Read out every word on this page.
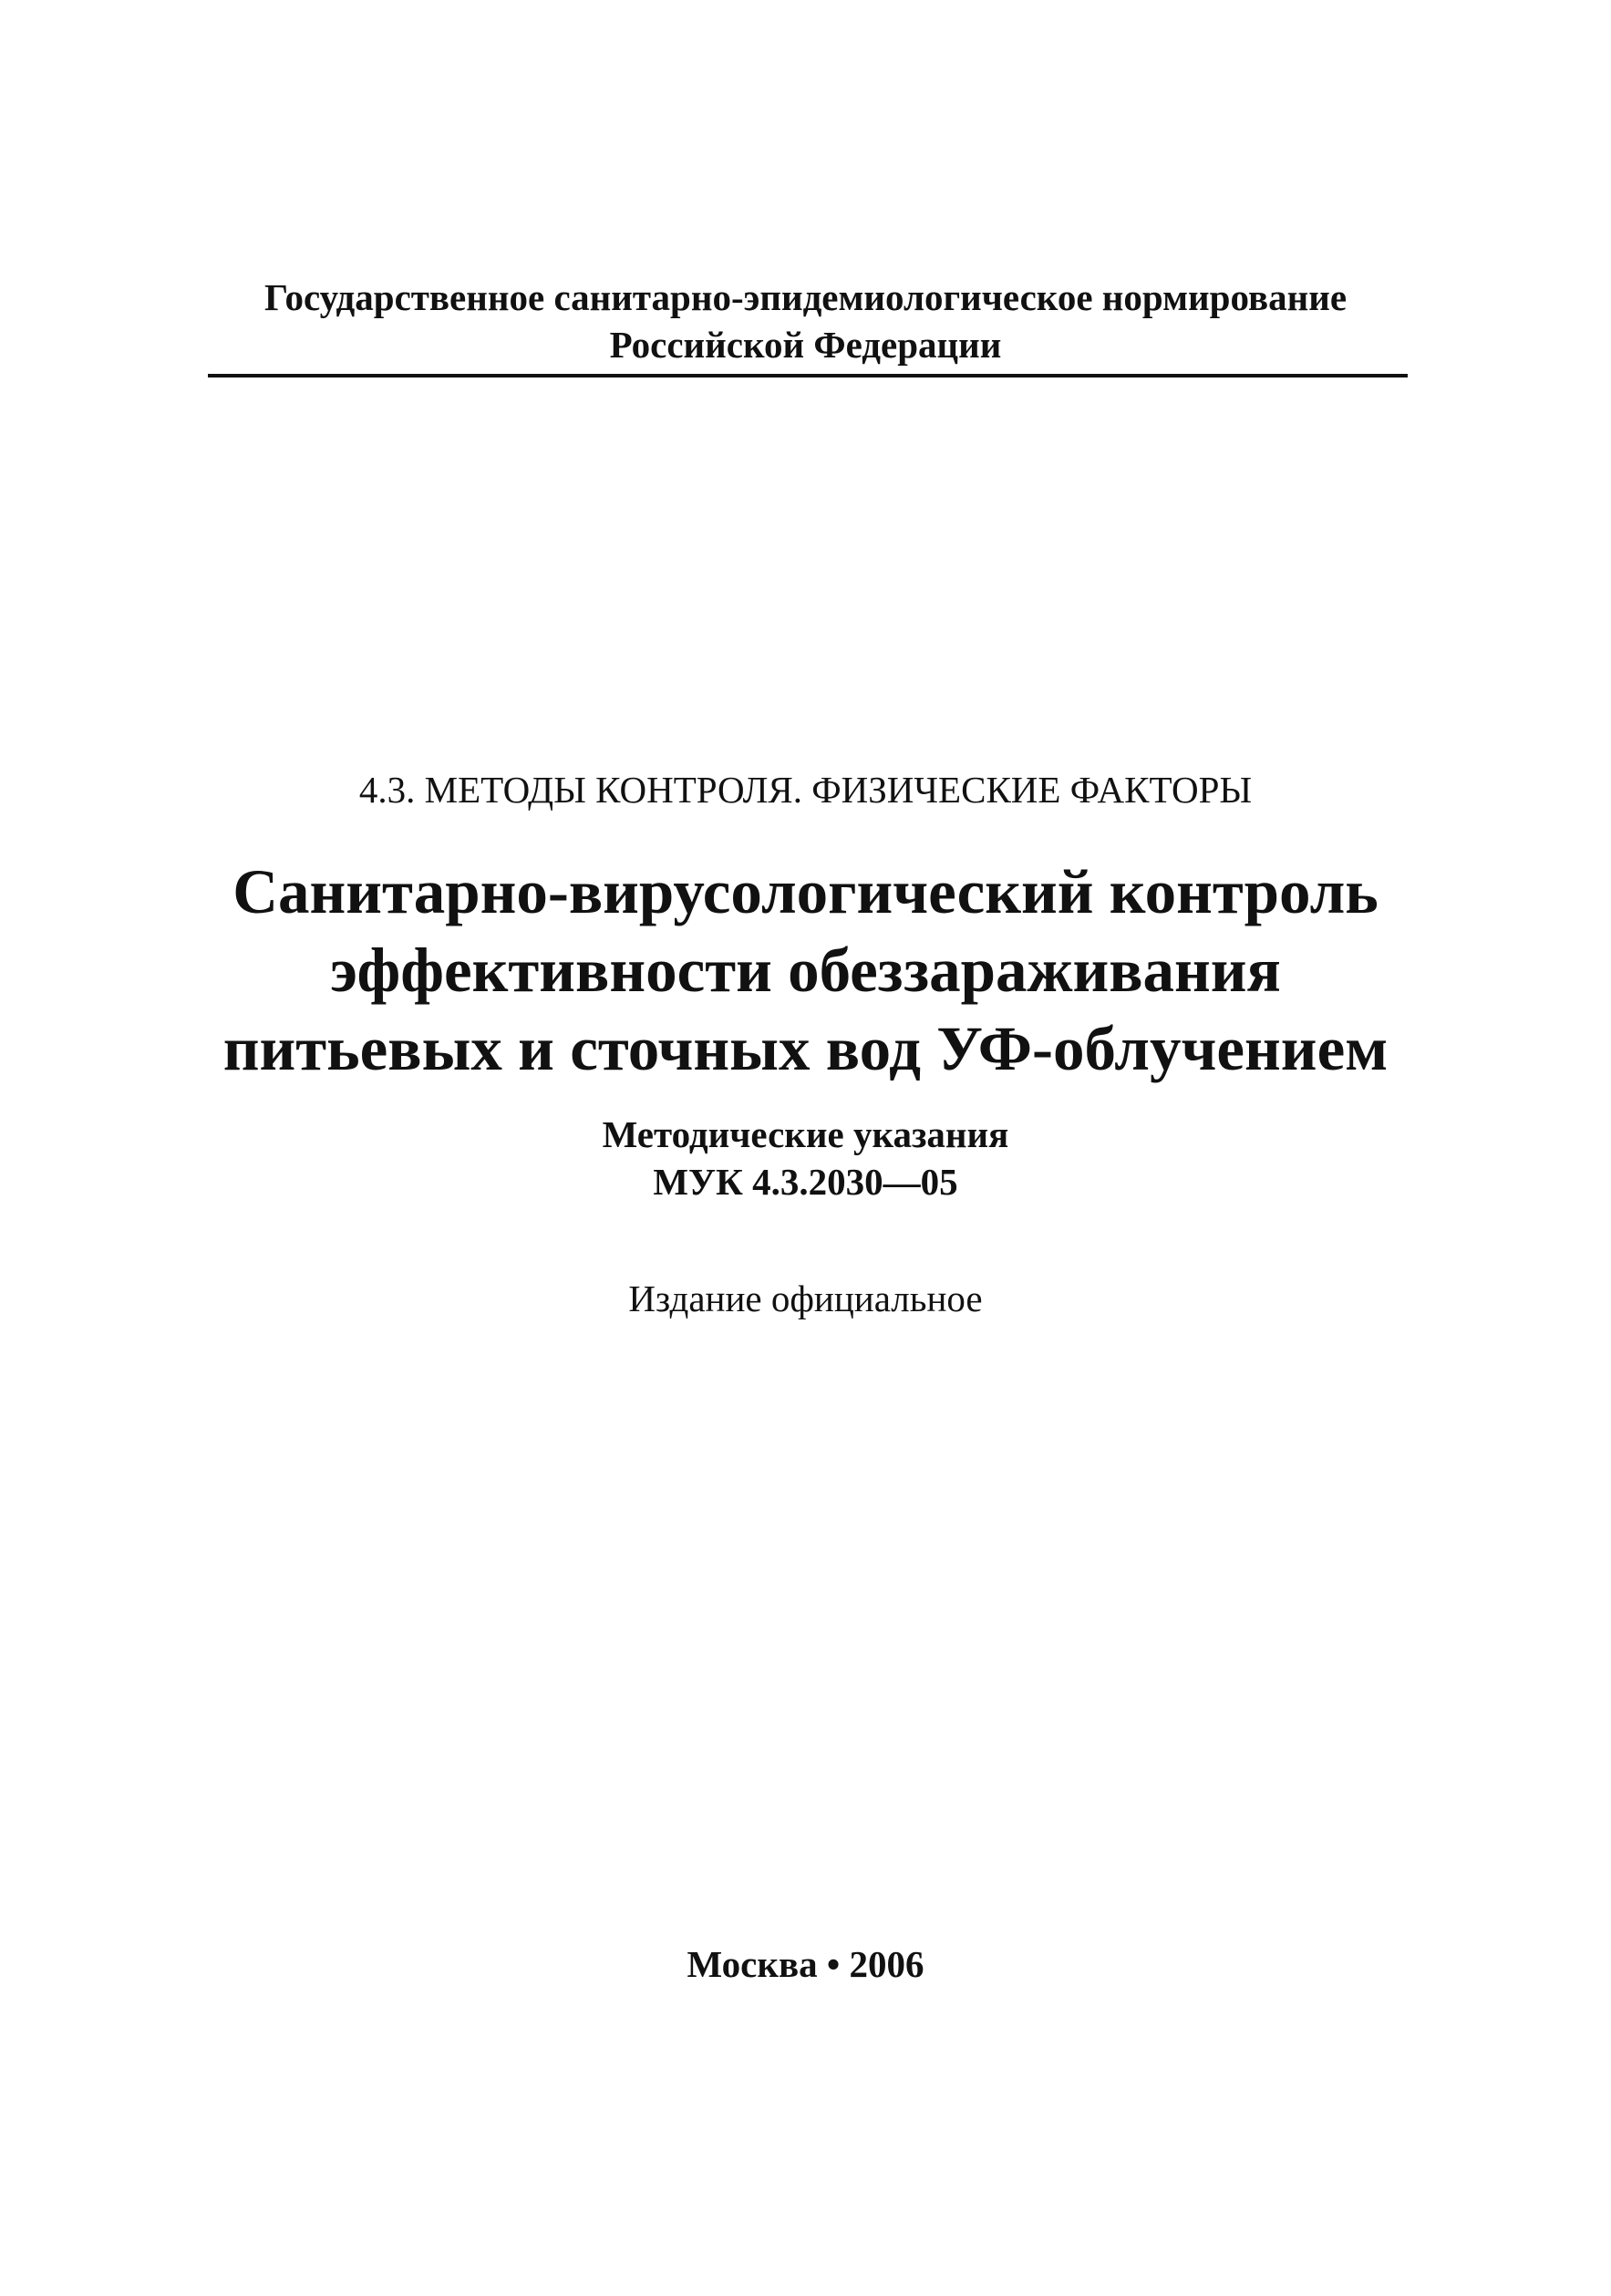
Государственное санитарно-эпидемиологическое нормирование
Российской Федерации
4.3. МЕТОДЫ КОНТРОЛЯ. ФИЗИЧЕСКИЕ ФАКТОРЫ
Санитарно-вирусологический контроль
эффективности обеззараживания
питьевых и сточных вод УФ-облучением
Методические указания
МУК 4.3.2030—05
Издание официальное
Москва • 2006
